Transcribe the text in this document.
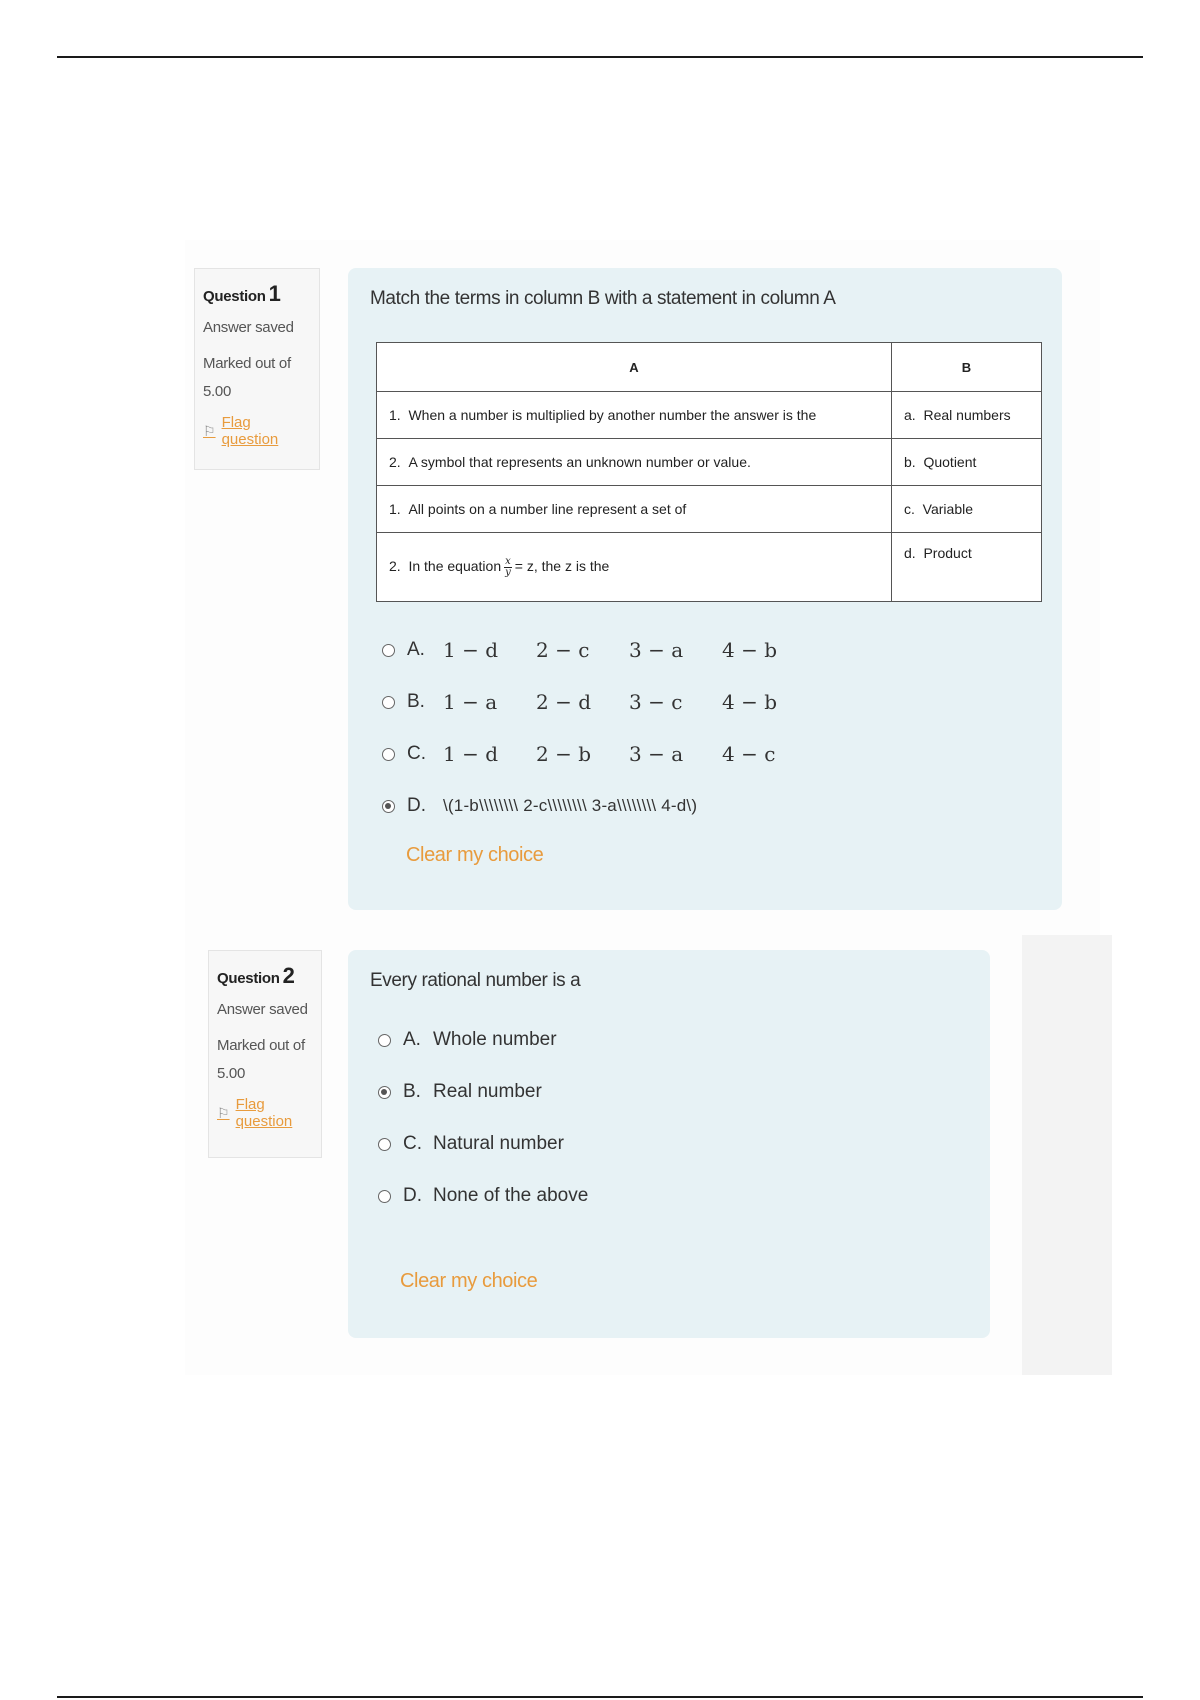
Question 1
Answer saved
Marked out of
5.00
⚐ Flag question
Match the terms in column B with a statement in column A
A	B
1. When a number is multiplied by another number the answer is the	a. Real numbers
2. A symbol that represents an unknown number or value.	b. Quotient
1. All points on a number line represent a set of	c. Variable
2. In the equation $\frac{x}{y} = z$, the z is the	d. Product
A. 1 − d	2 − c	3 − a	4 − b
B. 1 − a	2 − d	3 − c	4 − b
C. 1 − d	2 − b	3 − a	4 − c
D.	\(1-b\\\\\\\\ 2-c\\\\\\\\ 3-a\\\\\\\\ 4-d\)
Clear my choice
Question 2
Answer saved
Marked out of
5.00
⚐ Flag question
Every rational number is a
A. Whole number
B. Real number
C. Natural number
D. None of the above
Clear my choice
